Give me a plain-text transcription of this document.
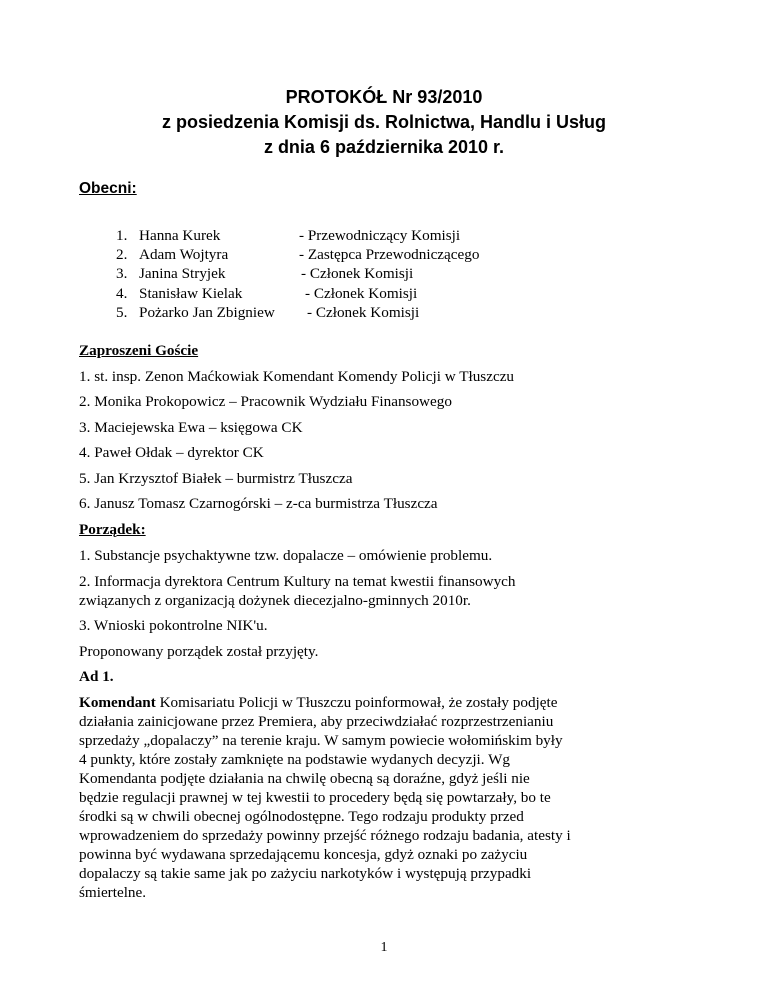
PROTOKÓŁ Nr 93/2010
z posiedzenia Komisji ds. Rolnictwa, Handlu i Usług
z dnia 6 października 2010 r.
Obecni:
1. Hanna Kurek	- Przewodniczący Komisji
2. Adam Wojtyra	- Zastępca Przewodniczącego
3. Janina Stryjek	- Członek Komisji
4. Stanisław Kielak	- Członek Komisji
5. Pożarko Jan Zbigniew - Członek Komisji
Zaproszeni Goście
1. st. insp. Zenon Maćkowiak Komendant Komendy Policji w Tłuszczu
2. Monika Prokopowicz – Pracownik Wydziału Finansowego
3. Maciejewska Ewa – księgowa CK
4. Paweł Ołdak – dyrektor CK
5. Jan Krzysztof Białek – burmistrz Tłuszcza
6. Janusz Tomasz Czarnogórski – z-ca burmistrza Tłuszcza
Porządek:
1. Substancje psychaktywne tzw. dopalacze – omówienie problemu.
2. Informacja dyrektora Centrum Kultury na temat kwestii finansowych
związanych z organizacją dożynek diecezjalno-gminnych 2010r.
3. Wnioski pokontrolne NIK'u.
Proponowany porządek został przyjęty.
Ad 1.
Komendant Komisariatu Policji w Tłuszczu poinformował, że zostały podjęte
działania zainicjowane przez Premiera, aby przeciwdziałać rozprzestrzenianiu
sprzedaży „dopalaczy” na terenie kraju. W samym powiecie wołomińskim były
4 punkty, które zostały zamknięte na podstawie wydanych decyzji. Wg
Komendanta podjęte działania na chwilę obecną są doraźne, gdyż jeśli nie
będzie regulacji prawnej w tej kwestii to procedery będą się powtarzały, bo te
środki są w chwili obecnej ogólnodostępne. Tego rodzaju produkty przed
wprowadzeniem do sprzedaży powinny przejść różnego rodzaju badania, atesty i
powinna być wydawana sprzedającemu koncesja, gdyż oznaki po zażyciu
dopalaczy są takie same jak po zażyciu narkotyków i występują przypadki
śmiertelne.
1
